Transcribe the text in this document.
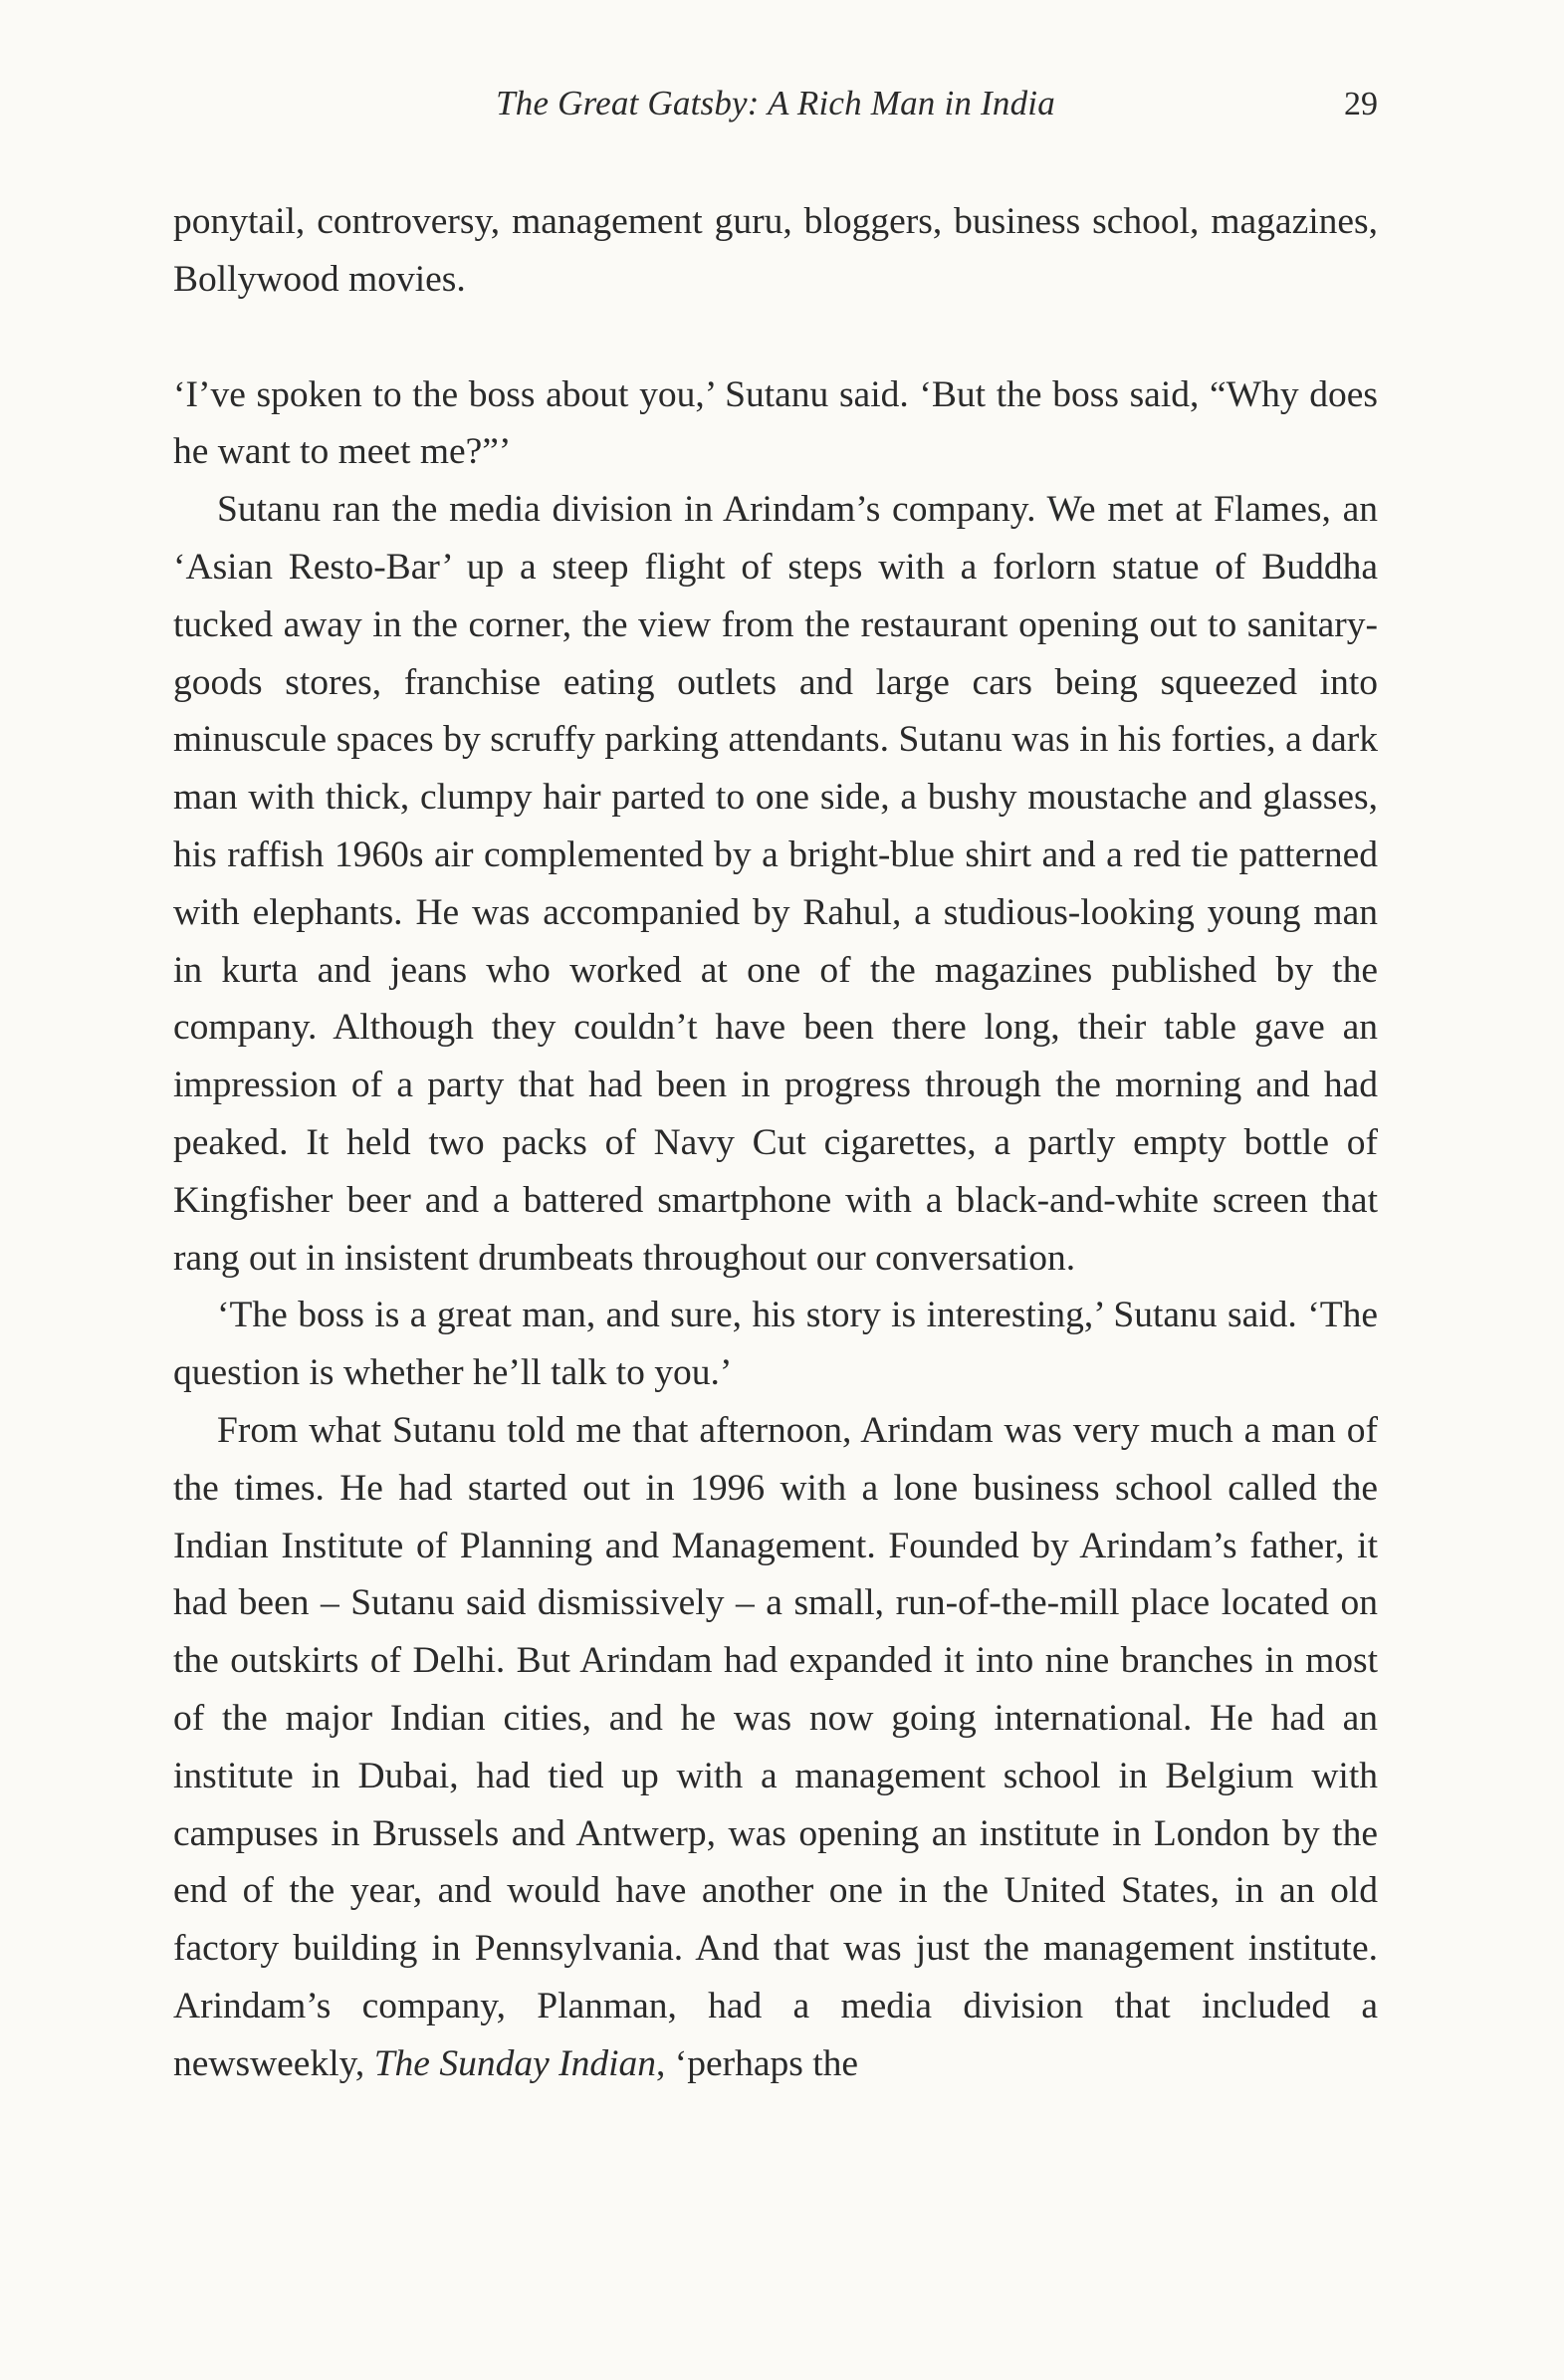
The Great Gatsby: A Rich Man in India	29

ponytail, controversy, management guru, bloggers, business school, magazines, Bollywood movies.

‘I’ve spoken to the boss about you,’ Sutanu said. ‘But the boss said, “Why does he want to meet me?”’

Sutanu ran the media division in Arindam’s company. We met at Flames, an ‘Asian Resto-Bar’ up a steep flight of steps with a forlorn statue of Buddha tucked away in the corner, the view from the restaurant opening out to sanitary-goods stores, franchise eating outlets and large cars being squeezed into minuscule spaces by scruffy parking attendants. Sutanu was in his forties, a dark man with thick, clumpy hair parted to one side, a bushy moustache and glasses, his raffish 1960s air complemented by a bright-blue shirt and a red tie patterned with elephants. He was accompanied by Rahul, a studious-looking young man in kurta and jeans who worked at one of the magazines published by the company. Although they couldn’t have been there long, their table gave an impression of a party that had been in progress through the morning and had peaked. It held two packs of Navy Cut cigarettes, a partly empty bottle of Kingfisher beer and a battered smartphone with a black-and-white screen that rang out in insistent drumbeats throughout our conversation.

‘The boss is a great man, and sure, his story is interesting,’ Sutanu said. ‘The question is whether he’ll talk to you.’

From what Sutanu told me that afternoon, Arindam was very much a man of the times. He had started out in 1996 with a lone business school called the Indian Institute of Planning and Management. Founded by Arindam’s father, it had been – Sutanu said dismissively – a small, run-of-the-mill place located on the outskirts of Delhi. But Arindam had expanded it into nine branches in most of the major Indian cities, and he was now going international. He had an institute in Dubai, had tied up with a management school in Belgium with campuses in Brussels and Antwerp, was opening an institute in London by the end of the year, and would have another one in the United States, in an old factory building in Pennsylvania. And that was just the management institute. Arindam’s company, Planman, had a media division that included a newsweekly, The Sunday Indian, ‘perhaps the
